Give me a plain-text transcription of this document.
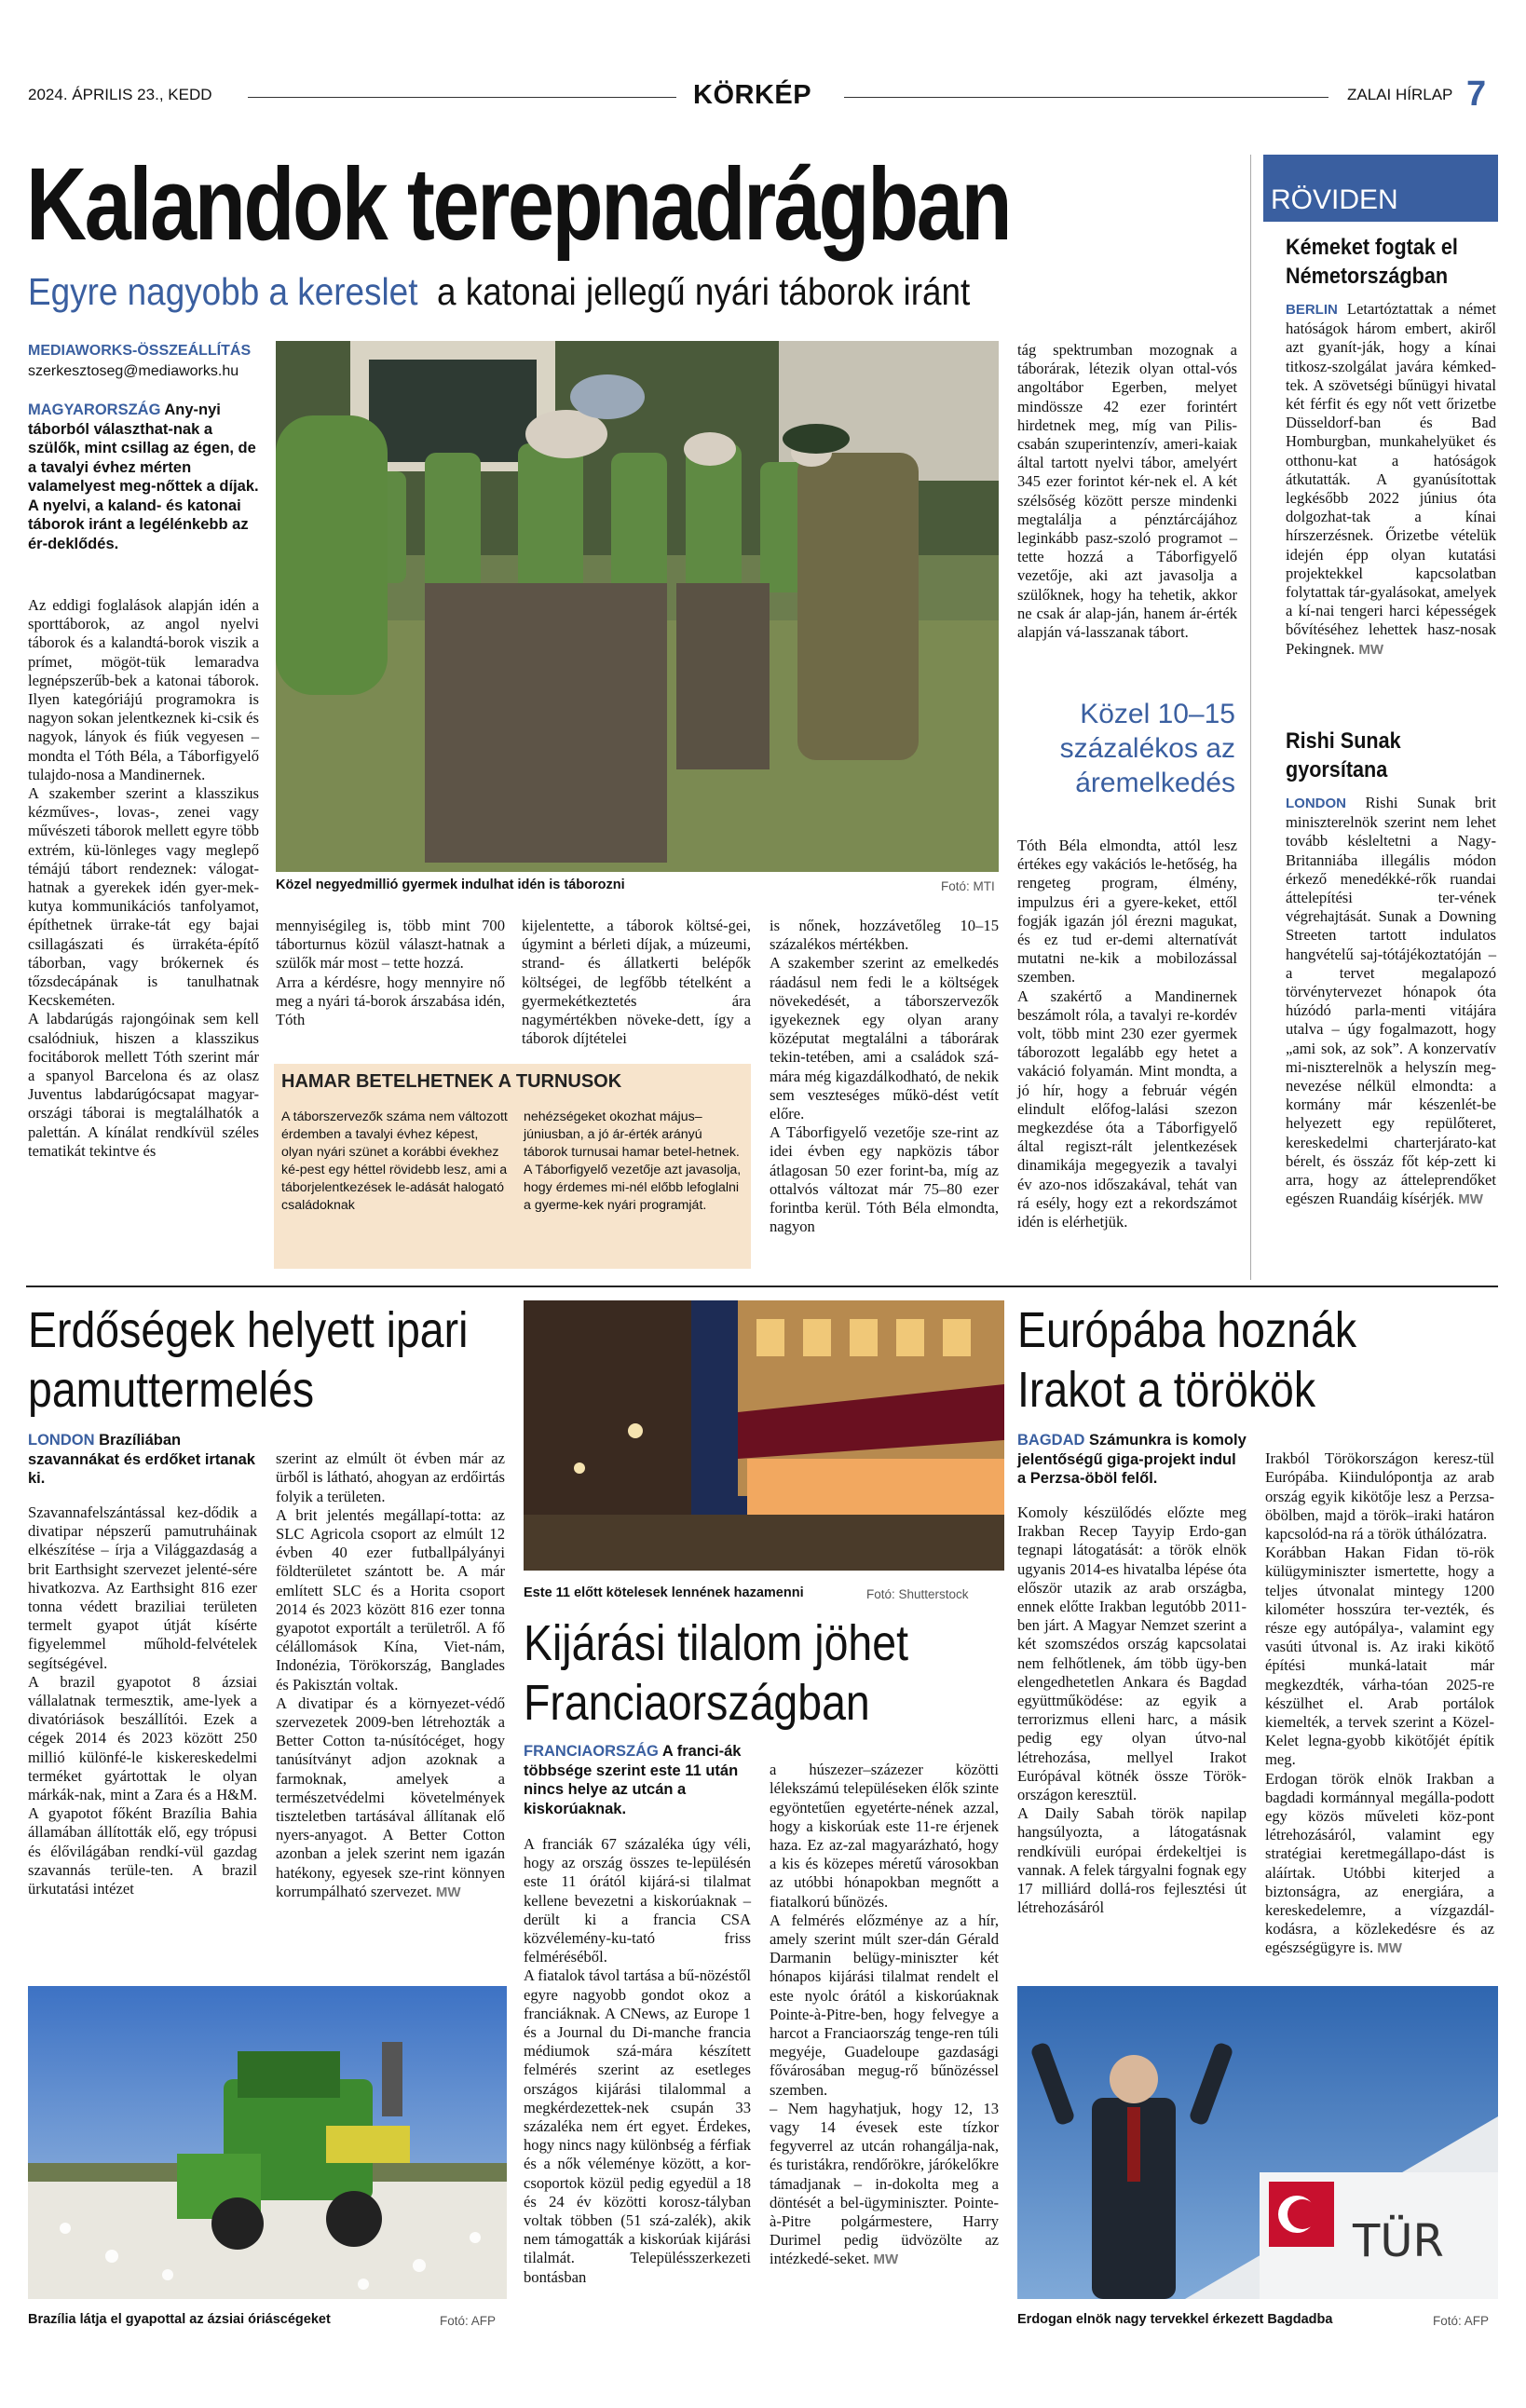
2024. ÁPRILIS 23., KEDD	KÖRKÉP	ZALAI HÍRLAP 7
Kalandok terepnadrágban
Egyre nagyobb a kereslet a katonai jellegű nyári táborok iránt
MEDIAWORKS-ÖSSZEÁLLÍTÁS
szerkesztoseg@mediaworks.hu
MAGYARORSZÁG Any-nyi táborból választhat-nak a szülők, mint csillag az égen, de a tavalyi évhez mérten valamelyest meg-nőttek a díjak. A nyelvi, a kaland- és katonai táborok iránt a legélénkebb az ér-deklődés.
Az eddigi foglalások alapján idén a sporttáborok, az angol nyelvi táborok és a kalandtá-borok viszik a prímet, mögöt-tük lemaradva legnépszerűb-bek a katonai táborok. Ilyen kategóriájú programokra is nagyon sokan jelentkeznek ki-csik és nagyok, lányok és fiúk vegyesen – mondta el Tóth Béla, a Táborfigyelő tulajdo-nosa a Mandinernek.
A szakember szerint a klasszikus kézműves-, lovas-, zenei vagy művészeti táborok mellett egyre több extrém, kü-lönleges vagy meglepő témájú tábort rendeznek: válogat-hatnak a gyerekek idén gyer-mek-kutya kommunikációs tanfolyamot, építhetnek ürrake-tát egy bajai csillagászati és ürrakéta-építő táborban, vagy brókernek és tőzsdecápának is tanulhatnak Kecskeméten.
A labdarúgás rajongóinak sem kell csalódniuk, hiszen a klasszikus focitáborok mellett Tóth szerint már a spanyol Barcelona és az olasz Juventus labdarúgócsapat magyar-országi táborai is megtalálhatók a palettán. A kínálat rendkívül széles tematikát tekintve és
Közel negyedmillió gyermek indulhat idén is táborozni	Fotó: MTI
mennyiségileg is, több mint 700 táborturnus közül választ-hatnak a szülők már most – tette hozzá.
Arra a kérdésre, hogy mennyire nő meg a nyári tá-borok árszabása idén, Tóth
kijelentette, a táborok költsé-gei, úgymint a bérleti díjak, a múzeumi, strand- és állatkerti belépők költségei, de legfőbb tételként a gyermekétkeztetés ára nagymértékben növeke-dett, így a táborok díjtételei
is nőnek, hozzávetőleg 10–15 százalékos mértékben.
A szakember szerint az emelkedés ráadásul nem fedi le a költségek növekedését, a táborszervezők igyekeznek egy olyan arany középutat megtalálni a táborárak tekin-tetében, ami a családok szá-mára még kigazdálkodható, de nekik sem veszteséges műkö-dést vetít előre.
A Táborfigyelő vezetője sze-rint az idei évben egy napközis tábor átlagosan 50 ezer forint-ba, míg az ottalvós változat már 75–80 ezer forintba kerül. Tóth Béla elmondta, nagyon
HAMAR BETELHETNEK A TURNUSOK
A táborszervezők száma nem változott érdemben a tavalyi évhez képest, olyan nyári szünet a korábbi évekhez ké-pest egy héttel rövidebb lesz, ami a táborjelentkezések le-adását halogató családoknak
nehézségeket okozhat május–júniusban, a jó ár-érték arányú táborok turnusai hamar betel-hetnek. A Táborfigyelő vezetője azt javasolja, hogy érdemes mi-nél előbb lefoglalni a gyerme-kek nyári programját.
tág spektrumban mozognak a táborárak, létezik olyan ottal-vós angoltábor Egerben, melyet mindössze 42 ezer forintért hirdetnek meg, míg van Pilis-csabán szuperintenzív, ameri-kaiak által tartott nyelvi tábor, amelyért 345 ezer forintot kér-nek el. A két szélsőség között persze mindenki megtalálja a pénztárcájához leginkább pasz-szoló programot – tette hozzá a Táborfigyelő vezetője, aki azt javasolja a szülőknek, hogy ha tehetik, akkor ne csak ár alap-ján, hanem ár-érték alapján vá-lasszanak tábort.
Közel 10–15 százalékos az áremelkedés
Tóth Béla elmondta, attól lesz értékes egy vakációs le-hetőség, ha rengeteg program, élmény, impulzus éri a gyere-keket, ettől fogják igazán jól érezni magukat, és ez tud er-demi alternatívát mutatni ne-kik a mobilozással szemben.
A szakértő a Mandinernek beszámolt róla, a tavalyi re-kordév volt, több mint 230 ezer gyermek táborozott legalább egy hetet a vakáció folyamán. Mint mondta, a jó hír, hogy a február végén elindult előfog-lalási szezon megkezdése óta a Táborfigyelő által regiszt-rált jelentkezések dinamikája megegyezik a tavalyi év azo-nos időszakával, tehát van rá esély, hogy ezt a rekordszámot idén is elérhetjük.
RÖVIDEN
Kémeket fogtak el Németországban
BERLIN Letartóztattak a német hatóságok három embert, akiről azt gyanít-ják, hogy a kínai titkosz-szolgálat javára kémked-tek. A szövetségi bűnügyi hivatal két férfit és egy nőt vett őrizetbe Düsseldorf-ban és Bad Homburgban, munkahelyüket és otthonu-kat a hatóságok átkutatták. A gyanúsítottak legkésőbb 2022 június óta dolgozhat-tak a kínai hírszerzésnek. Őrizetbe vételük idején épp olyan kutatási projektekkel kapcsolatban folytattak tár-gyalásokat, amelyek a kí-nai tengeri harci képességek bővítéséhez lehettek hasz-nosak Pekingnek. MW
Rishi Sunak gyorsítana
LONDON Rishi Sunak brit miniszterelnök szerint nem lehet tovább késleltetni a Nagy-Britanniába illegális módon érkező menedékké-rők ruandai áttelepítési ter-vének végrehajtását. Sunak a Downing Streeten tartott indulatos hangvételű saj-tótájékoztatóján – a tervet megalapozó törvénytervezet hónapok óta húzódó parla-menti vitájára utalva – úgy fogalmazott, hogy „ami sok, az sok”. A konzervatív mi-niszterelnök a helyszín meg-nevezése nélkül elmondta: a kormány már készenlét-be helyezett egy repülőteret, kereskedelmi charterjárato-kat bérelt, és összáz főt kép-zett ki arra, hogy az átteleprendőket egészen Ruandáig kísérjék. MW
Erdőségek helyett ipari pamuttermelés
LONDON Brazíliában szavannákat és erdőket irtanak ki.
Szavannafelszántással kez-dődik a divatipar népszerű pamutruháinak elkészítése – írja a Világgazdaság a brit Earthsight szervezet jelenté-sére hivatkozva. Az Earthsight 816 ezer tonna védett braziliai területen termelt gyapot útját kísérte figyelemmel műhold-felvételek segítségével.
A brazil gyapotot 8 ázsiai vállalatnak termesztik, ame-lyek a divatóriások beszállítói. Ezek a cégek 2014 és 2023 között 250 millió különfé-le kiskereskedelmi terméket gyártottak le olyan márkák-nak, mint a Zara és a H&M. A gyapotot főként Brazília Bahia államában állították elő, egy trópusi és élővilágában rendkí-vül gazdag szavannás terüle-ten. A brazil ürkutatási intézet

szerint az elmúlt öt évben már az ürből is látható, ahogyan az erdőirtás folyik a területen.
A brit jelentés megállapí-totta: az SLC Agricola csoport az elmúlt 12 évben 40 ezer futballpályányi földterületet szántott be. A már említett SLC és a Horita csoport 2014 és 2023 között 816 ezer tonna gyapotot exportált a területről. A fő célállomások Kína, Viet-nám, Indonézia, Törökország, Banglades és Pakisztán voltak.
A divatipar és a környezet-védő szervezetek 2009-ben létrehozták a Better Cotton ta-núsítócéget, hogy tanúsítványt adjon azoknak a farmoknak, amelyek a természetvédelmi követelmények tiszteletben tartásával állítanak elő nyers-anyagot. A Better Cotton azonban a jelek szerint nem igazán hatékony, egyesek sze-rint könnyen korrumpálható szervezet. MW

Brazília látja el gyapottal az ázsiai óriáscégeket	Fotó: AFP
Este 11 előtt kötelesek lennének hazamenni	Fotó: Shutterstock
Kijárási tilalom jöhet Franciaországban
FRANCIAORSZÁG A franci-ák többsége szerint este 11 után nincs helye az utcán a kiskorúaknak.
A franciák 67 százaléka úgy véli, hogy az ország összes te-lepülésén este 11 órától kijárá-si tilalmat kellene bevezetni a kiskorúaknak – derült ki a francia CSA közvélemény-ku-tató friss felméréséből.
A fiatalok távol tartása a bű-nözéstől egyre nagyobb gondot okoz a franciáknak. A CNews, az Europe 1 és a Journal du Di-manche francia médiumok szá-mára készített felmérés szerint az esetleges országos kijárási tilalommal a megkérdezettek-nek csupán 33 százaléka nem ért egyet. Érdekes, hogy nincs nagy különbség a férfiak és a nők véleménye között, a kor-csoportok közül pedig egyedül a 18 és 24 év közötti korosz-tályban voltak többen (51 szá-zalék), akik nem támogatták a kiskorúak kijárási tilalmát. Településszerkezeti bontásban

a húszezer–százezer közötti lélekszámú településeken élők szinte egyöntetűen egyetérte-nének azzal, hogy a kiskorúak este 11-re érjenek haza. Ez az-zal magyarázható, hogy a kis és közepes méretű városokban az utóbbi hónapokban megnőtt a fiatalkorú bűnözés.
A felmérés előzménye az a hír, amely szerint múlt szer-dán Gérald Darmanin belügy-miniszter két hónapos kijárási tilalmat rendelt el este nyolc órától a kiskorúaknak Pointe-à-Pitre-ben, hogy felvegye a harcot a Franciaország tenge-ren túli megyéje, Guadeloupe gazdasági fővárosában megug-rő bűnözéssel szemben.
– Nem hagyhatjuk, hogy 12, 13 vagy 14 évesek este tízkor fegyverrel az utcán rohangálja-nak, és turistákra, rendőrökre, járókelőkre támadjanak – in-dokolta meg a döntését a bel-ügyminiszter. Pointe-à-Pitre polgármestere, Harry Durimel pedig üdvözölte az intézkedé-seket. MW

Európába hoznák Irakot a törökök
BAGDAD Számunkra is komoly jelentőségű giga-projekt indul a Perzsa-öböl felől.
Komoly készülődés előzte meg Irakban Recep Tayyip Erdo-gan tegnapi látogatását: a török elnök ugyanis 2014-es hivatalba lépése óta először utazik az arab országba, ennek előtte Irakban legutóbb 2011-ben járt. A Magyar Nemzet szerint a két szomszédos ország kapcsolatai nem felhőtlenek, ám több ügy-ben elengedhetetlen Ankara és Bagdad együttműködése: az egyik a terrorizmus elleni harc, a másik pedig egy olyan útvo-nal létrehozása, mellyel Irakot Európával kötnék össze Török-országon keresztül.
A Daily Sabah török napilap hangsúlyozta, a látogatásnak rendkívüli európai érdekeltjei is vannak. A felek tárgyalni fognak egy 17 milliárd dollá-ros fejlesztési út létrehozásáról

Irakból Törökországon keresz-tül Európába. Kiindulópontja az arab ország egyik kikötője lesz a Perzsa-öbölben, majd a török–iraki határon kapcsolód-na rá a török úthálózatra.
Korábban Hakan Fidan tö-rök külügyminiszter ismertette, hogy a teljes útvonalat mintegy 1200 kilométer hosszúra ter-vezték, és része egy autópálya-, valamint egy vasúti útvonal is. Az iraki kikötő építési munká-latait már megkezdték, várha-tóan 2025-re készülhet el. Arab portálok kiemelték, a tervek szerint a Közel-Kelet legna-gyobb kikötőjét építik meg.
Erdogan török elnök Irakban a bagdadi kormánnyal megálla-podott egy közös műveleti köz-pont létrehozásáról, valamint egy stratégiai keretmegállapo-dást is aláírtak. Utóbbi kiterjed a biztonságra, az energiára, a kereskedelemre, a vízgazdál-kodásra, a közlekedésre és az egészségügyre is. MW

TÜR
Erdogan elnök nagy tervekkel érkezett Bagdadba	Fotó: AFP
